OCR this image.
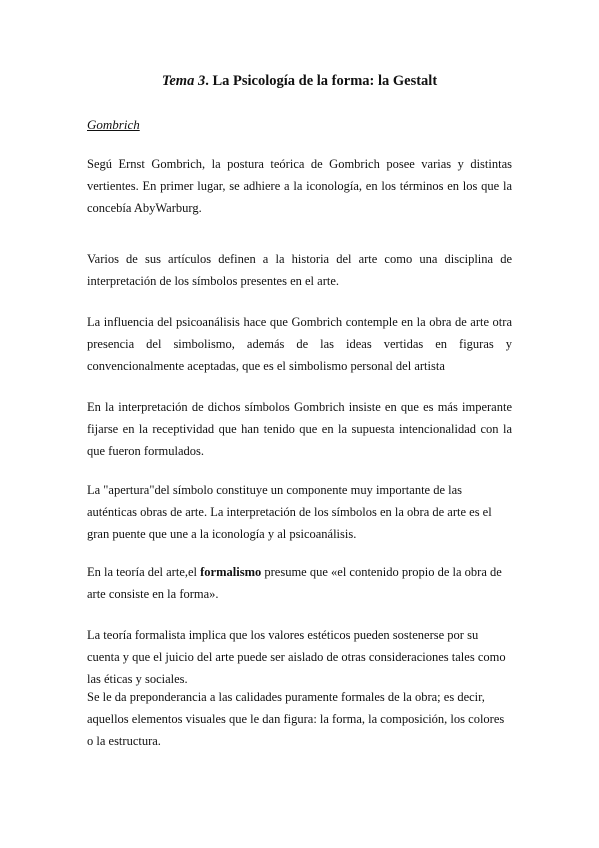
Tema 3. La Psicología de la forma: la Gestalt
Gombrich

Segú Ernst Gombrich, la postura teórica de Gombrich posee varias y distintas vertientes. En primer lugar, se adhiere a la iconología, en los términos en los que la concebía AbyWarburg.

Varios de sus artículos definen a la historia del arte como una disciplina de interpretación de los símbolos presentes en el arte.

La influencia del psicoanálisis hace que Gombrich contemple en la obra de arte otra presencia del simbolismo, además de las ideas vertidas en figuras y convencionalmente aceptadas, que es el simbolismo personal del artista

En la interpretación de dichos símbolos Gombrich insiste en que es más imperante fijarse en la receptividad que han tenido que en la supuesta intencionalidad con la que fueron formulados.

La "apertura"del símbolo constituye un componente muy importante de las auténticas obras de arte. La interpretación de los símbolos en la obra de arte es el gran puente que une a la iconología y al psicoanálisis.

En la teoría del arte,el formalismo presume que «el contenido propio de la obra de arte consiste en la forma».

La teoría formalista implica que los valores estéticos pueden sostenerse por su cuenta y que el juicio del arte puede ser aislado de otras consideraciones tales como las éticas y sociales.

Se le da preponderancia a las calidades puramente formales de la obra; es decir, aquellos elementos visuales que le dan figura: la forma, la composición, los colores o la estructura.
